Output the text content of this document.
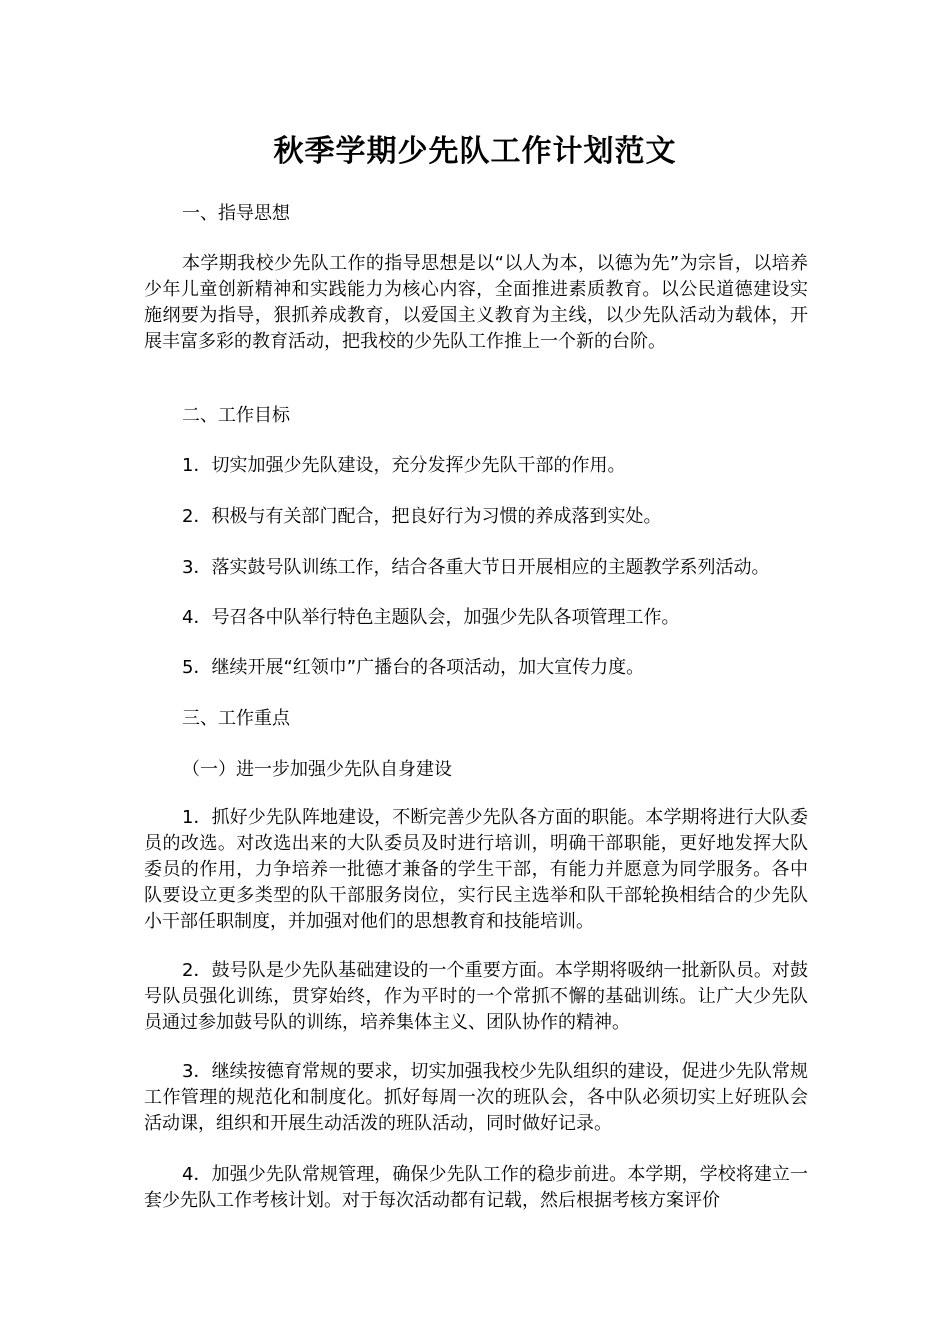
秋季学期少先队工作计划范文
一、指导思想
本学期我校少先队工作的指导思想是以“以人为本，以德为先”为宗旨，以培养少年儿童创新精神和实践能力为核心内容，全面推进素质教育。以公民道德建设实施纲要为指导，狠抓养成教育，以爱国主义教育为主线，以少先队活动为载体，开展丰富多彩的教育活动，把我校的少先队工作推上一个新的台阶。
二、工作目标
1．切实加强少先队建设，充分发挥少先队干部的作用。
2．积极与有关部门配合，把良好行为习惯的养成落到实处。
3．落实鼓号队训练工作，结合各重大节日开展相应的主题教学系列活动。
4．号召各中队举行特色主题队会，加强少先队各项管理工作。
5．继续开展“红领巾”广播台的各项活动，加大宣传力度。
三、工作重点
（一）进一步加强少先队自身建设
1．抓好少先队阵地建设，不断完善少先队各方面的职能。本学期将进行大队委员的改选。对改选出来的大队委员及时进行培训，明确干部职能，更好地发挥大队委员的作用，力争培养一批德才兼备的学生干部，有能力并愿意为同学服务。各中队要设立更多类型的队干部服务岗位，实行民主选举和队干部轮换相结合的少先队小干部任职制度，并加强对他们的思想教育和技能培训。
2．鼓号队是少先队基础建设的一个重要方面。本学期将吸纳一批新队员。对鼓号队员强化训练，贯穿始终，作为平时的一个常抓不懈的基础训练。让广大少先队员通过参加鼓号队的训练，培养集体主义、团队协作的精神。
3．继续按德育常规的要求，切实加强我校少先队组织的建设，促进少先队常规工作管理的规范化和制度化。抓好每周一次的班队会，各中队必须切实上好班队会活动课，组织和开展生动活泼的班队活动，同时做好记录。
4．加强少先队常规管理，确保少先队工作的稳步前进。本学期，学校将建立一套少先队工作考核计划。对于每次活动都有记载，然后根据考核方案评价
